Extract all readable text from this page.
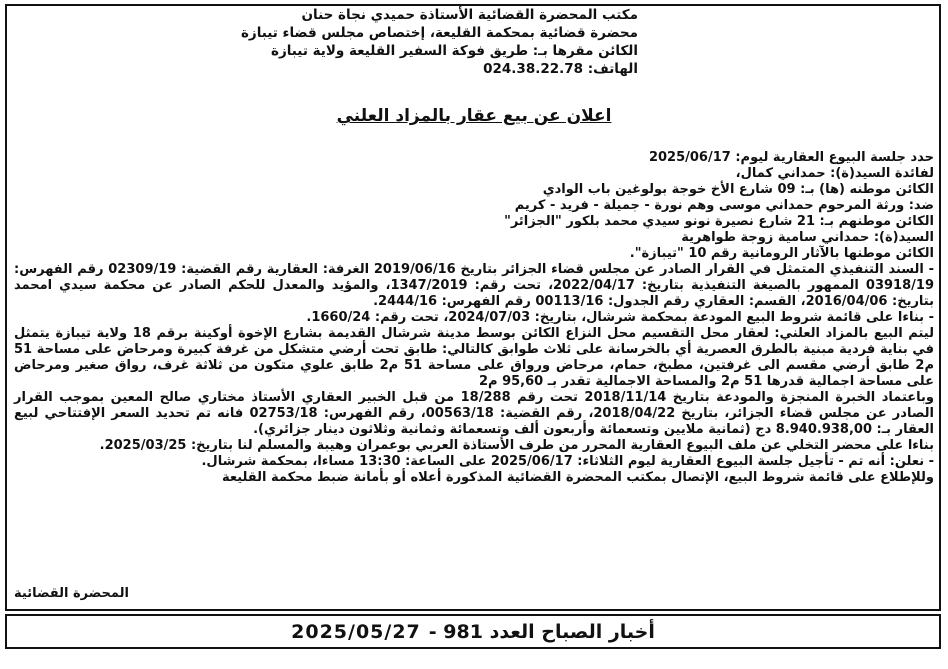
مكتب المحضرة القضائية الأستاذة حميدي نجاة حنان
محضرة قضائية بمحكمة القليعة، إختصاص مجلس قضاء تيبازة
الكائن مقرها بـ: طريق فوكة السفير القليعة ولاية تيبازة
الهاتف: 024.38.22.78
اعلان عن بيع عقار بالمزاد العلني

حدد جلسة البيوع العقارية ليوم: 2025/06/17

لفائدة السيد(ة): حمداني كمال،

الكائن موطنه (ها) بـ: 09 شارع الأخ خوجة بولوغين باب الوادي

ضد: ورثة المرحوم حمداني موسى وهم نورة - جميلة - فريد - كريم

الكائن موطنهم بـ: 21 شارع نصيرة نونو سيدي محمد بلكور "الجزائر"

السيد(ة): حمداني سامية زوجة طواهرية

الكائن موطنها بالآثار الرومانية رقم 10 "تيبازة".

- السند التنفيذي المتمثل في القرار الصادر عن مجلس قضاء الجزائر بتاريخ 2019/06/16 الغرفة: العقارية رقم القضية: 02309/19 رقم الفهرس: 03918/19 الممهور بالصيغة التنفيذية بتاريخ: 2022/04/17، تحت رقم: 1347/2019، والمؤيد والمعدل للحكم الصادر عن محكمة سيدي امحمد بتاريخ: 2016/04/06، القسم: العقاري رقم الجدول: 00113/16 رقم الفهرس: 2444/16.

- بناءا على قائمة شروط البيع المودعة بمحكمة شرشال، بتاريخ: 2024/07/03، تحت رقم: 1660/24.

ليتم البيع بالمزاد العلني: لعقار محل التقسيم محل النزاع الكائن بوسط مدينة شرشال القديمة بشارع الإخوة أوكينة برقم 18 ولاية تيبازة يتمثل في بناية فردية مبنية بالطرق العصرية أي بالخرسانة على ثلاث طوابق كالتالي: طابق تحت أرضي متشكل من غرفة كبيرة ومرحاض على مساحة 51 م2 طابق أرضي مقسم الى غرفتين، مطبخ، حمام، مرحاض ورواق على مساحة 51 م2 طابق علوي متكون من ثلاثة غرف، رواق صغير ومرحاض على مساحة اجمالية قدرها 51 م2 والمساحة الاجمالية تقدر بـ 95,60 م2

وباعتماد الخبرة المنجزة والمودعة بتاريخ 2018/11/14 تحت رقم 18/288 من قبل الخبير العقاري الأستاذ مختاري صالح المعين بموجب القرار الصادر عن مجلس قضاء الجزائر، بتاريخ 2018/04/22، رقم القضية: 00563/18، رقم الفهرس: 02753/18 فانه تم تحديد السعر الإفتتاحي لبيع العقار بـ: 8.940.938,00 دج (ثمانية ملايين وتسعمائة وأربعون ألف وتسعمائة وثمانية وثلاثون دينار جزائري).

بناءا على محضر التخلي عن ملف البيوع العقارية المحرر من طرف الأستاذة العربي بوعمران وهيبة والمسلم لنا بتاريخ: 2025/03/25.

- نعلن: أنه تم - تأجيل جلسة البيوع العقارية ليوم الثلاثاء: 2025/06/17 على الساعة: 13:30 مساءا، بمحكمة شرشال.

وللإطلاع على قائمة شروط البيع، الإتصال بمكتب المحضرة القضائية المذكورة أعلاه أو بأمانة ضبط محكمة القليعة

المحضرة القضائية
أخبار الصباح العدد 981 -
2025/05/27
